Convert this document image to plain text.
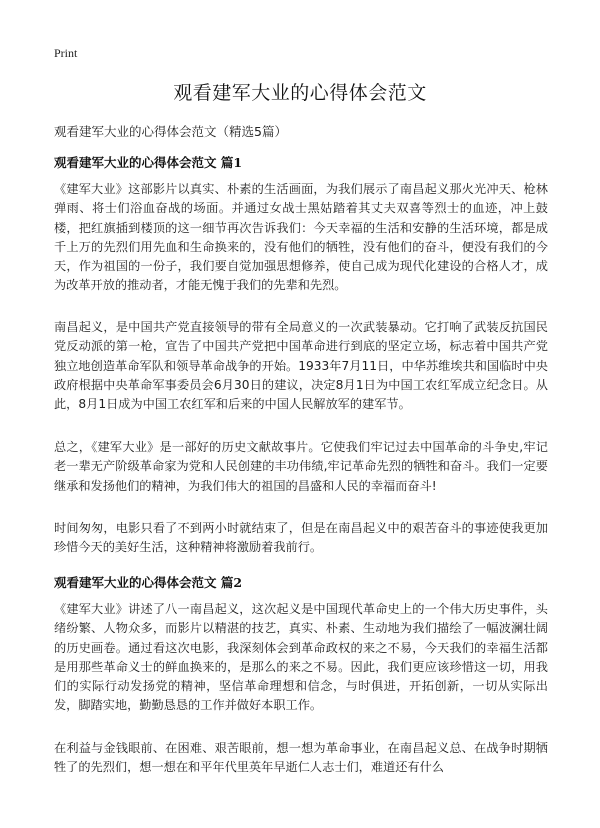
Print
观看建军大业的心得体会范文
观看建军大业的心得体会范文（精选5篇）
观看建军大业的心得体会范文 篇1

《建军大业》这部影片以真实、朴素的生活画面，为我们展示了南昌起义那火光冲天、枪林弹雨、将士们浴血奋战的场面。并通过女战士黑姑踏着其丈夫双喜等烈士的血迹，冲上鼓楼，把红旗插到楼顶的这一细节再次告诉我们：今天幸福的生活和安静的生活环境，都是成千上万的先烈们用先血和生命换来的，没有他们的牺牲，没有他们的奋斗，便没有我们的今天，作为祖国的一份子，我们要自觉加强思想修养，使自己成为现代化建设的合格人才，成为改革开放的推动者，才能无愧于我们的先辈和先烈。

南昌起义，是中国共产党直接领导的带有全局意义的一次武装暴动。它打响了武装反抗国民党反动派的第一枪，宣告了中国共产党把中国革命进行到底的坚定立场，标志着中国共产党独立地创造革命军队和领导革命战争的开始。1933年7月11日，中华苏维埃共和国临时中央政府根据中央革命军事委员会6月30日的建议，决定8月1日为中国工农红军成立纪念日。从此，8月1日成为中国工农红军和后来的中国人民解放军的建军节。

总之，《建军大业》是一部好的历史文献故事片。它使我们牢记过去中国革命的斗争史,牢记老一辈无产阶级革命家为党和人民创建的丰功伟绩,牢记革命先烈的牺牲和奋斗。我们一定要继承和发扬他们的精神，为我们伟大的祖国的昌盛和人民的幸福而奋斗!

时间匆匆，电影只看了不到两小时就结束了，但是在南昌起义中的艰苦奋斗的事迹使我更加珍惜今天的美好生活，这种精神将激励着我前行。

观看建军大业的心得体会范文 篇2

《建军大业》讲述了八一南昌起义，这次起义是中国现代革命史上的一个伟大历史事件，头绪纷繁、人物众多，而影片以精湛的技艺，真实、朴素、生动地为我们描绘了一幅波澜壮阔的历史画卷。通过看这次电影，我深刻体会到革命政权的来之不易，今天我们的幸福生活都是用那些革命义士的鲜血换来的，是那么的来之不易。因此，我们更应该珍惜这一切，用我们的实际行动发扬党的精神，坚信革命理想和信念，与时俱进，开拓创新，一切从实际出发，脚踏实地，勤勤恳恳的工作并做好本职工作。

在利益与金钱眼前、在困难、艰苦眼前，想一想为革命事业，在南昌起义总、在战争时期牺牲了的先烈们，想一想在和平年代里英年早逝仁人志士们，难道还有什么
